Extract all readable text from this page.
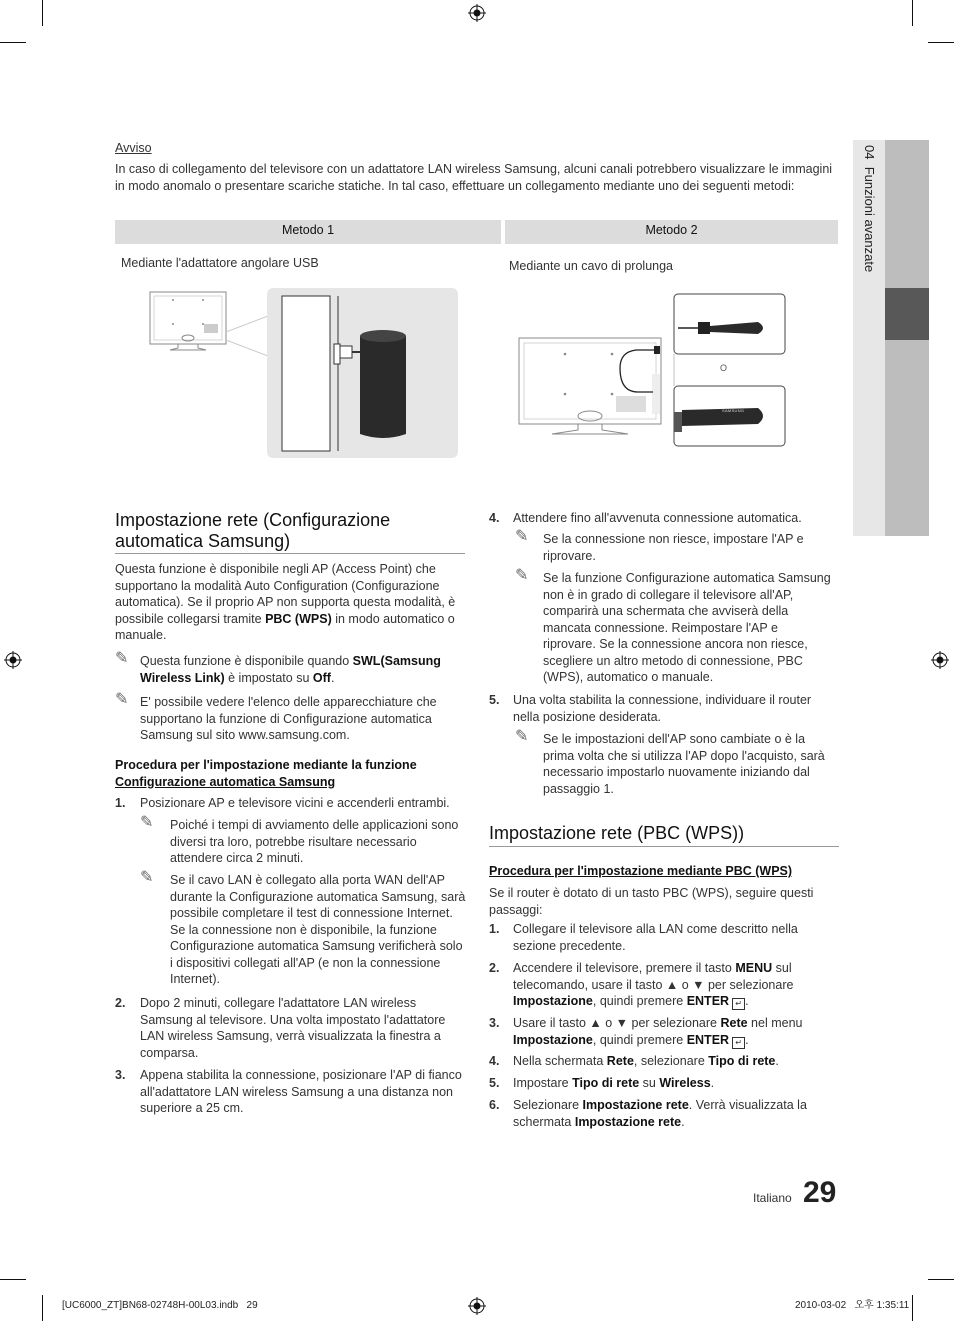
04  Funzioni avanzate
Avviso
In caso di collegamento del televisore con un adattatore LAN wireless Samsung, alcuni canali potrebbero visualizzare le immagini in modo anomalo o presentare scariche statiche. In tal caso, effettuare un collegamento mediante uno dei seguenti metodi:
Metodo 1	Metodo 2
Mediante l'adattatore angolare USB	Mediante un cavo di prolunga
O
SAMSUNG
Impostazione rete (Configurazione
automatica Samsung)
Questa funzione è disponibile negli AP (Access Point) che supportano la modalità Auto Configuration (Configurazione automatica). Se il proprio AP non supporta questa modalità, è possibile collegarsi tramite PBC (WPS) in modo automatico o manuale.
✎ Questa funzione è disponibile quando SWL(Samsung Wireless Link) è impostato su Off.
✎ E' possibile vedere l'elenco delle apparecchiature che supportano la funzione di Configurazione automatica Samsung sul sito www.samsung.com.
Procedura per l'impostazione mediante la funzione
Configurazione automatica Samsung
1.	Posizionare AP e televisore vicini e accenderli entrambi.
✎ Poiché i tempi di avviamento delle applicazioni sono diversi tra loro, potrebbe risultare necessario attendere circa 2 minuti.
✎ Se il cavo LAN è collegato alla porta WAN dell'AP durante la Configurazione automatica Samsung, sarà possibile completare il test di connessione Internet. Se la connessione non è disponibile, la funzione Configurazione automatica Samsung verificherà solo i dispositivi collegati all'AP (e non la connessione Internet).
2.	Dopo 2 minuti, collegare l'adattatore LAN wireless Samsung al televisore. Una volta impostato l'adattatore LAN wireless Samsung, verrà visualizzata la finestra a comparsa.
3.	Appena stabilita la connessione, posizionare l'AP di fianco all'adattatore LAN wireless Samsung a una distanza non superiore a 25 cm.
4.	Attendere fino all'avvenuta connessione automatica.
✎ Se la connessione non riesce, impostare l'AP e riprovare.
✎ Se la funzione Configurazione automatica Samsung non è in grado di collegare il televisore all'AP, comparirà una schermata che avviserà della mancata connessione. Reimpostare l'AP e riprovare. Se la connessione ancora non riesce, scegliere un altro metodo di connessione, PBC (WPS), automatico o manuale.
5.	Una volta stabilita la connessione, individuare il router nella posizione desiderata.
✎ Se le impostazioni dell'AP sono cambiate o è la prima volta che si utilizza l'AP dopo l'acquisto, sarà necessario impostarlo nuovamente iniziando dal passaggio 1.
Impostazione rete (PBC (WPS))
Procedura per l'impostazione mediante PBC (WPS)
Se il router è dotato di un tasto PBC (WPS), seguire questi passaggi:
1.	Collegare il televisore alla LAN come descritto nella sezione precedente.
2.	Accendere il televisore, premere il tasto MENU sul telecomando, usare il tasto ▲ o ▼ per selezionare Impostazione, quindi premere ENTER ↵ .
3.	Usare il tasto ▲ o ▼ per selezionare Rete nel menu Impostazione, quindi premere ENTER ↵ .
4.	Nella schermata Rete, selezionare Tipo di rete.
5.	Impostare Tipo di rete su Wireless.
6.	Selezionare Impostazione rete. Verrà visualizzata la schermata Impostazione rete.
Italiano 29
[UC6000_ZT]BN68-02748H-00L03.indb   29	2010-03-02   오후 1:35:11
